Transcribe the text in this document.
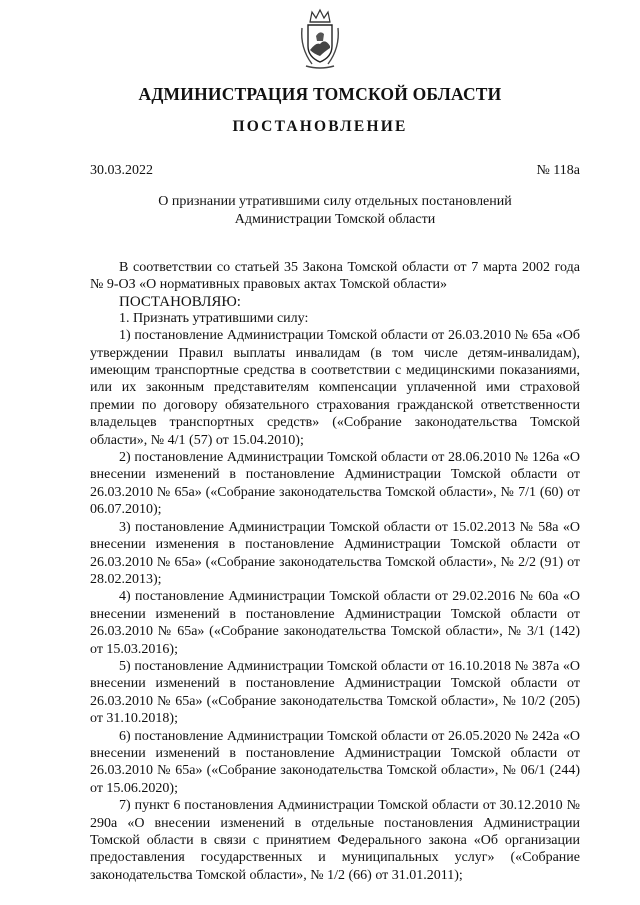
АДМИНИСТРАЦИЯ ТОМСКОЙ ОБЛАСТИ
ПОСТАНОВЛЕНИЕ
30.03.2022	№ 118а
О признании утратившими силу отдельных постановлений
Администрации Томской области

В соответствии со статьей 35 Закона Томской области от 7 марта 2002 года № 9-ОЗ «О нормативных правовых актах Томской области»

ПОСТАНОВЛЯЮ:

1. Признать утратившими силу:

1) постановление Администрации Томской области от 26.03.2010 № 65а «Об утверждении Правил выплаты инвалидам (в том числе детям-инвалидам), имеющим транспортные средства в соответствии с медицинскими показаниями, или их законным представителям компенсации уплаченной ими страховой премии по договору обязательного страхования гражданской ответственности владельцев транспортных средств» («Собрание законодательства Томской области», № 4/1 (57) от 15.04.2010);

2) постановление Администрации Томской области от 28.06.2010 № 126а «О внесении изменений в постановление Администрации Томской области от 26.03.2010 № 65а» («Собрание законодательства Томской области», № 7/1 (60) от 06.07.2010);

3) постановление Администрации Томской области от 15.02.2013 № 58а «О внесении изменения в постановление Администрации Томской области от 26.03.2010 № 65а» («Собрание законодательства Томской области», № 2/2 (91) от 28.02.2013);

4) постановление Администрации Томской области от 29.02.2016 № 60а «О внесении изменений в постановление Администрации Томской области от 26.03.2010 № 65а» («Собрание законодательства Томской области», № 3/1 (142) от 15.03.2016);

5) постановление Администрации Томской области от 16.10.2018 № 387а «О внесении изменений в постановление Администрации Томской области от 26.03.2010 № 65а» («Собрание законодательства Томской области», № 10/2 (205) от 31.10.2018);

6) постановление Администрации Томской области от 26.05.2020 № 242а «О внесении изменений в постановление Администрации Томской области от 26.03.2010 № 65а» («Собрание законодательства Томской области», № 06/1 (244) от 15.06.2020);

7) пункт 6 постановления Администрации Томской области от 30.12.2010 № 290а «О внесении изменений в отдельные постановления Администрации Томской области в связи с принятием Федерального закона «Об организации предоставления государственных и муниципальных услуг» («Собрание законодательства Томской области», № 1/2 (66) от 31.01.2011);
